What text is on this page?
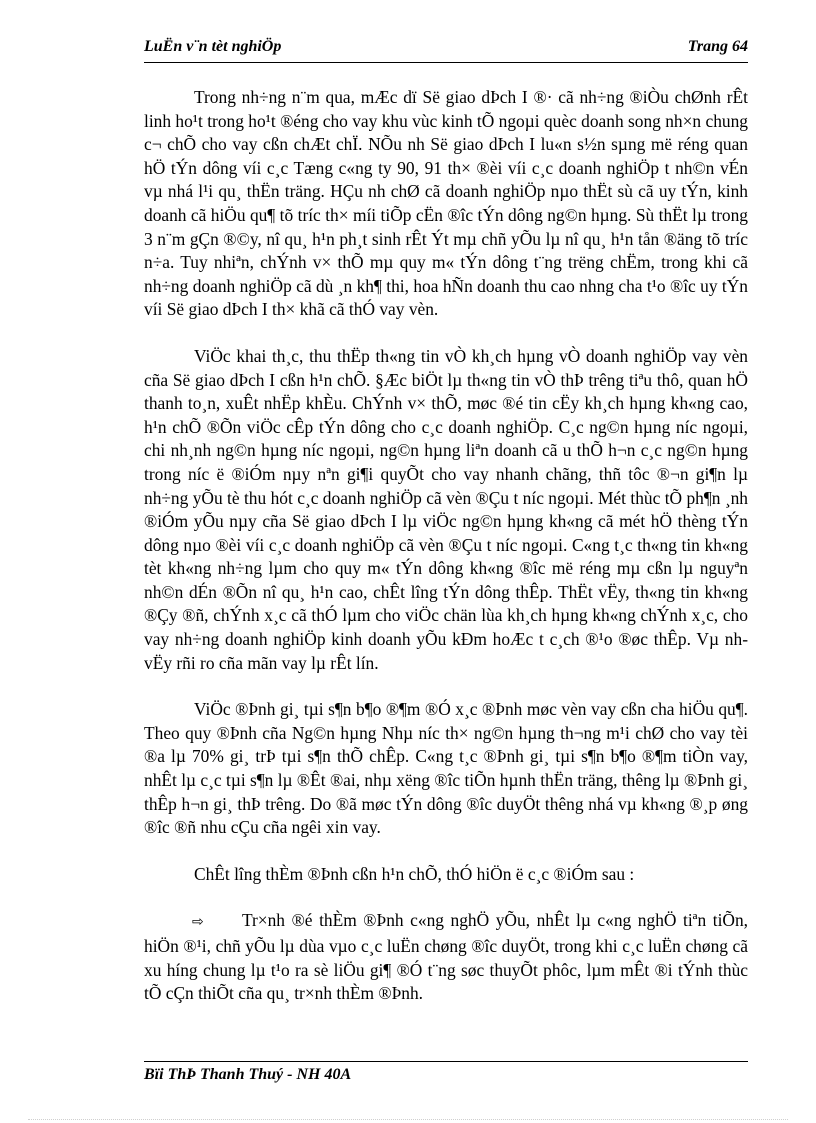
LuËn v¨n tèt nghiÖp	Trang 64

Trong nh÷ng n¨m qua, mÆc dï Së giao dÞch I ®· cã nh÷ng ®iÒu chØnh rÊt linh ho¹t trong ho¹t ®éng cho vay khu vùc kinh tÕ ngoµi quèc doanh song nh×n chung c¬ chÕ cho vay cßn chÆt chÏ. NÕu nh Së giao dÞch I lu«n s½n sµng më réng quan hÖ tÝn dông víi c¸c Tæng c«ng ty 90, 91 th× ®èi víi c¸c doanh nghiÖp t nh©n vÉn vµ nhá l¹i qu¸ thËn träng. HÇu nh chØ cã doanh nghiÖp nµo thËt sù cã uy tÝn, kinh doanh cã hiÖu qu¶ tõ tríc th× míi tiÕp cËn ®îc tÝn dông ng©n hµng. Sù thËt lµ trong 3 n¨m gÇn ®©y, nî qu¸ h¹n ph¸t sinh rÊt Ýt mµ chñ yÕu lµ nî qu¸ h¹n tån ®äng tõ tríc n÷a. Tuy nhiªn, chÝnh v× thÕ mµ quy m« tÝn dông t¨ng trëng chËm, trong khi cã nh÷ng doanh nghiÖp cã dù ¸n kh¶ thi, hoa hÑn doanh thu cao nhng cha t¹o ®îc uy tÝn víi Së giao dÞch I th× khã cã thÓ vay vèn.

ViÖc khai th¸c, thu thËp th«ng tin vÒ kh¸ch hµng vÒ doanh nghiÖp vay vèn cña Së giao dÞch I cßn h¹n chÕ. §Æc biÖt lµ th«ng tin vÒ thÞ trêng tiªu thô, quan hÖ thanh to¸n, xuÊt nhËp khÈu. ChÝnh v× thÕ, møc ®é tin cËy kh¸ch hµng kh«ng cao, h¹n chÕ ®Õn viÖc cÊp tÝn dông cho c¸c doanh nghiÖp. C¸c ng©n hµng níc ngoµi, chi nh¸nh ng©n hµng níc ngoµi, ng©n hµng liªn doanh cã u thÕ h¬n c¸c ng©n hµng trong níc ë ®iÓm nµy nªn gi¶i quyÕt cho vay nhanh chãng, thñ tôc ®¬n gi¶n lµ nh÷ng yÕu tè thu hót c¸c doanh nghiÖp cã vèn ®Çu t níc ngoµi. Mét thùc tÕ ph¶n ¸nh ®iÓm yÕu nµy cña Së giao dÞch I lµ viÖc ng©n hµng kh«ng cã mét hÖ thèng tÝn dông nµo ®èi víi c¸c doanh nghiÖp cã vèn ®Çu t níc ngoµi. C«ng t¸c th«ng tin kh«ng tèt kh«ng nh÷ng lµm cho quy m« tÝn dông kh«ng ®îc më réng mµ cßn lµ nguyªn nh©n dÉn ®Õn nî qu¸ h¹n cao, chÊt lîng tÝn dông thÊp. ThËt vËy, th«ng tin kh«ng ®Çy ®ñ, chÝnh x¸c cã thÓ lµm cho viÖc chän lùa kh¸ch hµng kh«ng chÝnh x¸c, cho vay nh÷ng doanh nghiÖp kinh doanh yÕu kÐm hoÆc t c¸ch ®¹o ®øc thÊp. Vµ nh vËy rñi ro cña mãn vay lµ rÊt lín.

ViÖc ®Þnh gi¸ tµi s¶n b¶o ®¶m ®Ó x¸c ®Þnh møc vèn vay cßn cha hiÖu qu¶. Theo quy ®Þnh cña Ng©n hµng Nhµ níc th× ng©n hµng th¬ng m¹i chØ cho vay tèi ®a lµ 70% gi¸ trÞ tµi s¶n thÕ chÊp. C«ng t¸c ®Þnh gi¸ tµi s¶n b¶o ®¶m tiÒn vay, nhÊt lµ c¸c tµi s¶n lµ ®Êt ®ai, nhµ xëng ®îc tiÕn hµnh thËn träng, thêng lµ ®Þnh gi¸ thÊp h¬n gi¸ thÞ trêng. Do ®ã møc tÝn dông ®îc duyÖt thêng nhá vµ kh«ng ®¸p øng ®îc ®ñ nhu cÇu cña ngêi xin vay.

ChÊt lîng thÈm ®Þnh cßn h¹n chÕ, thÓ hiÖn ë c¸c ®iÓm sau :

⇨ Tr×nh ®é thÈm ®Þnh c«ng nghÖ yÕu, nhÊt lµ c«ng nghÖ tiªn tiÕn, hiÖn ®¹i, chñ yÕu lµ dùa vµo c¸c luËn chøng ®îc duyÖt, trong khi c¸c luËn chøng cã xu híng chung lµ t¹o ra sè liÖu gi¶ ®Ó t¨ng søc thuyÕt phôc, lµm mÊt ®i tÝnh thùc tÕ cÇn thiÕt cña qu¸ tr×nh thÈm ®Þnh.

Bïi ThÞ Thanh Thuý - NH 40A
